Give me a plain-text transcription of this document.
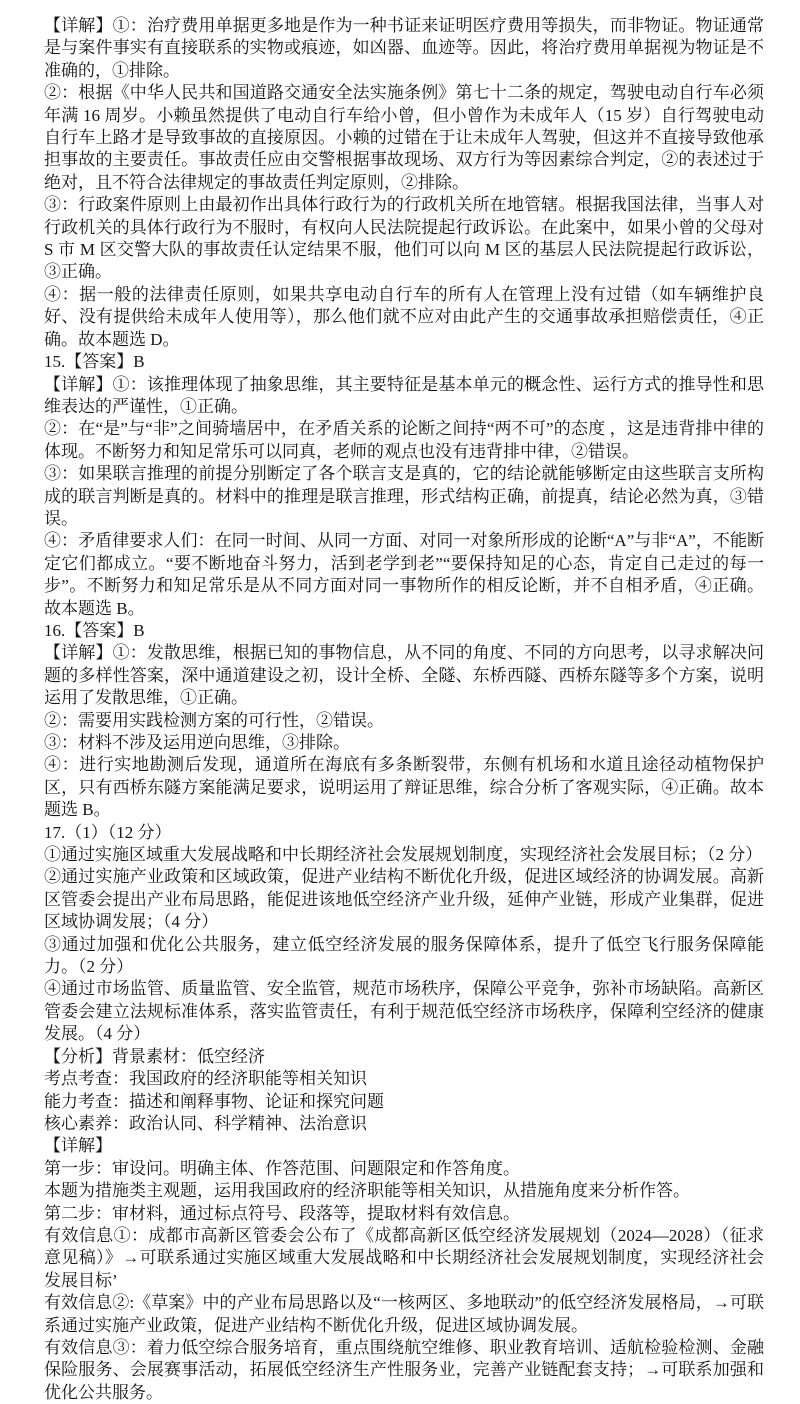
【详解】①：治疗费用单据更多地是作为一种书证来证明医疗费用等损失，而非物证。物证通常是与案件事实有直接联系的实物或痕迹，如凶器、血迹等。因此，将治疗费用单据视为物证是不准确的，①排除。

②：根据《中华人民共和国道路交通安全法实施条例》第七十二条的规定，驾驶电动自行车必须年满 16 周岁。小赖虽然提供了电动自行车给小曾，但小曾作为未成年人（15 岁）自行驾驶电动自行车上路才是导致事故的直接原因。小赖的过错在于让未成年人驾驶，但这并不直接导致他承担事故的主要责任。事故责任应由交警根据事故现场、双方行为等因素综合判定，②的表述过于绝对，且不符合法律规定的事故责任判定原则，②排除。

③：行政案件原则上由最初作出具体行政行为的行政机关所在地管辖。根据我国法律，当事人对行政机关的具体行政行为不服时，有权向人民法院提起行政诉讼。在此案中，如果小曾的父母对 S 市 M 区交警大队的事故责任认定结果不服，他们可以向 M 区的基层人民法院提起行政诉讼，③正确。

④：据一般的法律责任原则，如果共享电动自行车的所有人在管理上没有过错（如车辆维护良好、没有提供给未成年人使用等），那么他们就不应对由此产生的交通事故承担赔偿责任，④正确。故本题选 D。

15.【答案】B

【详解】①：该推理体现了抽象思维，其主要特征是基本单元的概念性、运行方式的推导性和思维表达的严谨性，①正确。

②：在“是”与“非”之间骑墙居中，在矛盾关系的论断之间持“两不可”的态度 ，这是违背排中律的体现。不断努力和知足常乐可以同真，老师的观点也没有违背排中律，②错误。

③：如果联言推理的前提分别断定了各个联言支是真的，它的结论就能够断定由这些联言支所构成的联言判断是真的。材料中的推理是联言推理，形式结构正确，前提真，结论必然为真，③错误。

④：矛盾律要求人们：在同一时间、从同一方面、对同一对象所形成的论断“A”与非“A”，不能断定它们都成立。“要不断地奋斗努力，活到老学到老”“要保持知足的心态，肯定自己走过的每一步”。不断努力和知足常乐是从不同方面对同一事物所作的相反论断，并不自相矛盾，④正确。故本题选 B。

16.【答案】B

【详解】①：发散思维，根据已知的事物信息，从不同的角度、不同的方向思考，以寻求解决问题的多样性答案，深中通道建设之初，设计全桥、全隧、东桥西隧、西桥东隧等多个方案，说明运用了发散思维，①正确。

②：需要用实践检测方案的可行性，②错误。

③：材料不涉及运用逆向思维，③排除。

④：进行实地勘测后发现，通道所在海底有多条断裂带，东侧有机场和水道且途径动植物保护区，只有西桥东隧方案能满足要求，说明运用了辩证思维，综合分析了客观实际，④正确。故本题选 B。

17.（1）（12 分）

①通过实施区域重大发展战略和中长期经济社会发展规划制度，实现经济社会发展目标；（2 分）

②通过实施产业政策和区域政策，促进产业结构不断优化升级，促进区域经济的协调发展。高新区管委会提出产业布局思路，能促进该地低空经济产业升级，延伸产业链，形成产业集群，促进区域协调发展；（4 分）

③通过加强和优化公共服务，建立低空经济发展的服务保障体系，提升了低空飞行服务保障能力。（2 分）

④通过市场监管、质量监管、安全监管，规范市场秩序，保障公平竞争，弥补市场缺陷。高新区管委会建立法规标准体系，落实监管责任，有利于规范低空经济市场秩序，保障利空经济的健康发展。（4 分）

【分析】背景素材：低空经济

考点考查：我国政府的经济职能等相关知识

能力考查：描述和阐释事物、论证和探究问题

核心素养：政治认同、科学精神、法治意识

【详解】

第一步：审设问。明确主体、作答范围、问题限定和作答角度。

本题为措施类主观题，运用我国政府的经济职能等相关知识，从措施角度来分析作答。

第二步：审材料，通过标点符号、段落等，提取材料有效信息。

有效信息①：成都市高新区管委会公布了《成都高新区低空经济发展规划（2024—2028）（征求意见稿）》→可联系通过实施区域重大发展战略和中长期经济社会发展规划制度，实现经济社会发展目标’

有效信息②:《草案》中的产业布局思路以及“一核两区、多地联动”的低空经济发展格局，→可联系通过实施产业政策，促进产业结构不断优化升级，促进区域协调发展。

有效信息③：着力低空综合服务培育，重点围绕航空维修、职业教育培训、适航检验检测、金融保险服务、会展赛事活动，拓展低空经济生产性服务业，完善产业链配套支持；→可联系加强和优化公共服务。
